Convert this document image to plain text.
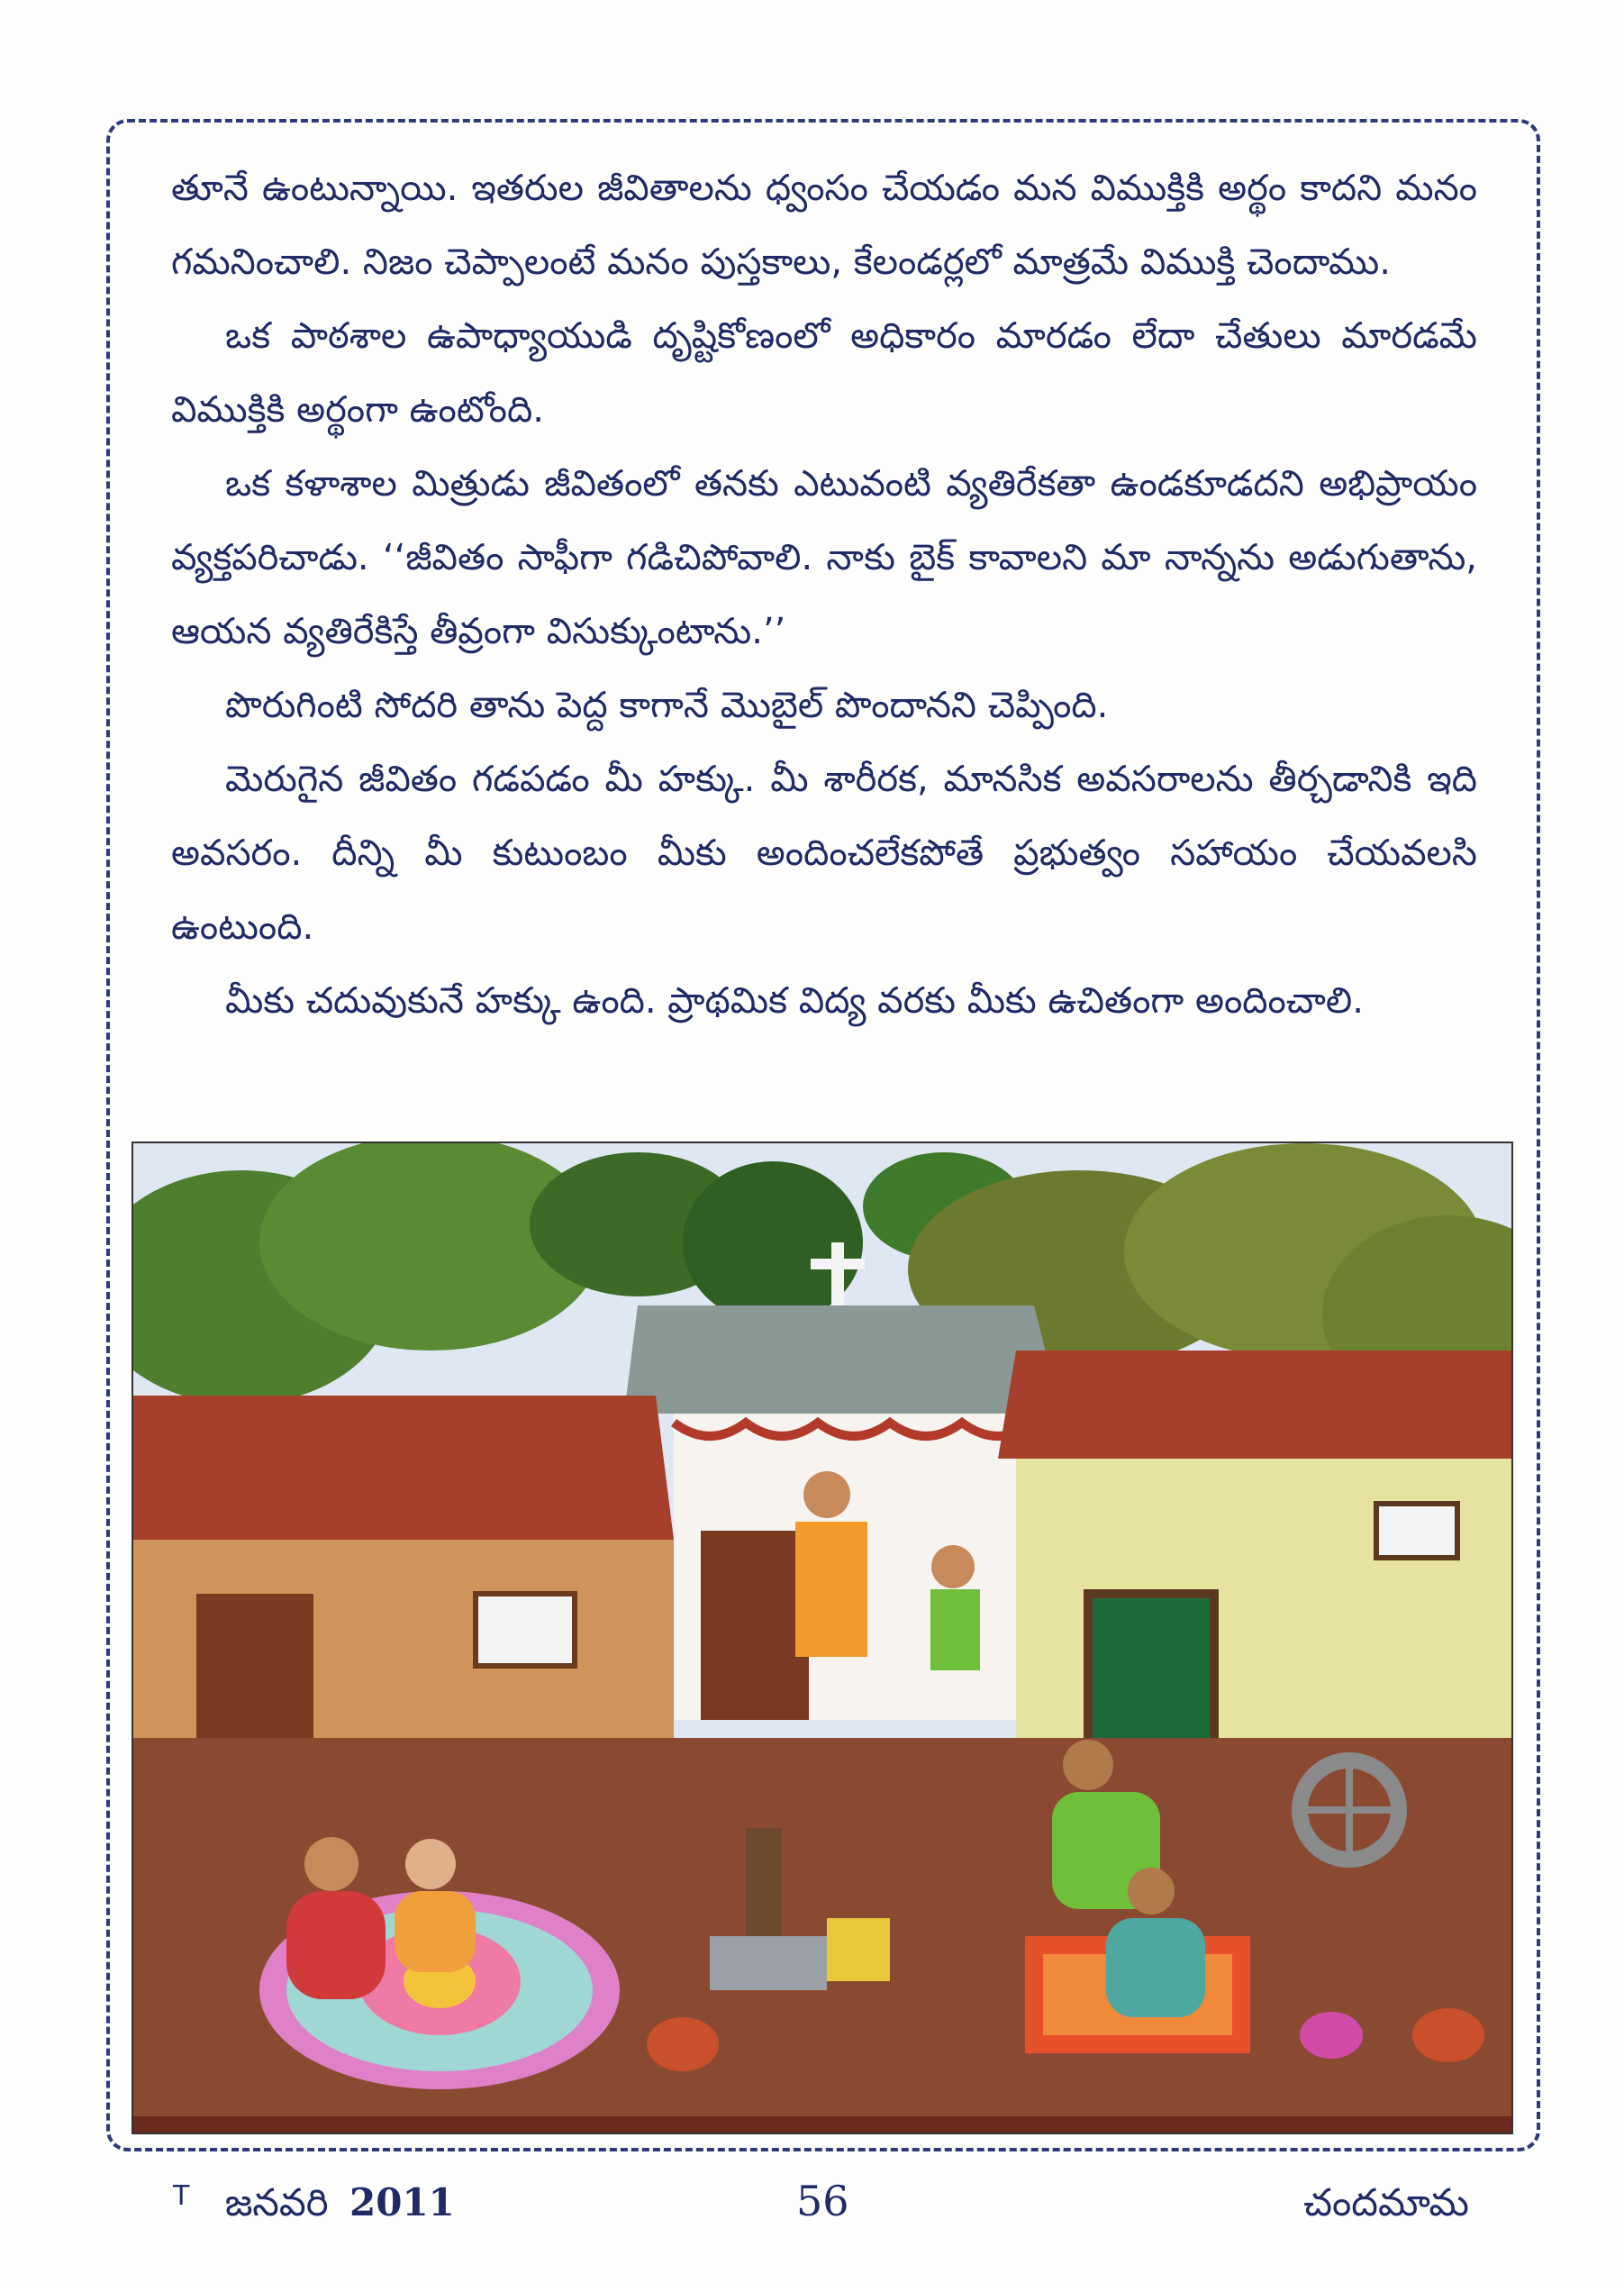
తూనే ఉంటున్నాయి. ఇతరుల జీవితాలను ధ్వంసం చేయడం మన విముక్తికి అర్థం కాదని మనం గమనించాలి. నిజం చెప్పాలంటే మనం పుస్తకాలు, కేలండర్లలో మాత్రమే విముక్తి చెందాము.

ఒక పాఠశాల ఉపాధ్యాయుడి దృష్టికోణంలో అధికారం మారడం లేదా చేతులు మారడమే విముక్తికి అర్థంగా ఉంటోంది.

ఒక కళాశాల మిత్రుడు జీవితంలో తనకు ఎటువంటి వ్యతిరేకతా ఉండకూడదని అభిప్రాయం వ్యక్తపరిచాడు. ‘‘జీవితం సాఫీగా గడిచిపోవాలి. నాకు బైక్ కావాలని మా నాన్నను అడుగుతాను, ఆయన వ్యతిరేకిస్తే తీవ్రంగా విసుక్కుంటాను.’’

పొరుగింటి సోదరి తాను పెద్ద కాగానే మొబైల్ పొందానని చెప్పింది.

మెరుగైన జీవితం గడపడం మీ హక్కు. మీ శారీరక, మానసిక అవసరాలను తీర్చడానికి ఇది అవసరం. దీన్ని మీ కుటుంబం మీకు అందించలేకపోతే ప్రభుత్వం సహాయం చేయవలసి ఉంటుంది.

మీకు చదువుకునే హక్కు ఉంది. ప్రాథమిక విద్య వరకు మీకు ఉచితంగా అందించాలి.

$^T$ జనవరి 2011	56	చందమామ
